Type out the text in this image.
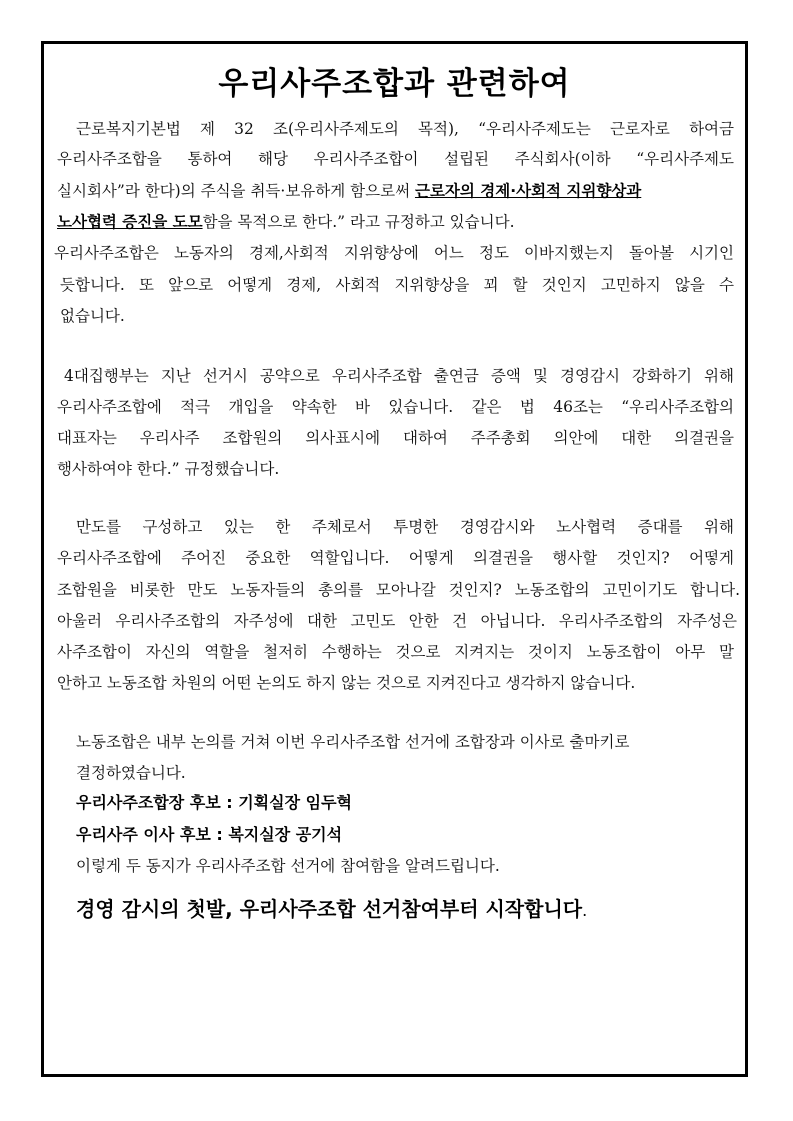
우리사주조합과 관련하여
근로복지기본법 제 32 조(우리사주제도의 목적), “우리사주제도는 근로자로 하여금
우리사주조합을 통하여 해당 우리사주조합이 설립된 주식회사(이하 “우리사주제도
실시회사”라 한다)의 주식을 취득·보유하게 함으로써 근로자의 경제·사회적 지위향상과
노사협력 증진을 도모함을 목적으로 한다.” 라고 규정하고 있습니다.
우리사주조합은 노동자의 경제,사회적 지위향상에 어느 정도 이바지했는지 돌아볼 시기인
듯합니다. 또 앞으로 어떻게 경제, 사회적 지위향상을 꾀 할 것인지 고민하지 않을 수
없습니다.
4대집행부는 지난 선거시 공약으로 우리사주조합 출연금 증액 및 경영감시 강화하기 위해
우리사주조합에 적극 개입을 약속한 바 있습니다. 같은 법 46조는 “우리사주조합의
대표자는 우리사주 조합원의 의사표시에 대하여 주주총회 의안에 대한 의결권을
행사하여야 한다.” 규정했습니다.
만도를 구성하고 있는 한 주체로서 투명한 경영감시와 노사협력 증대를 위해
우리사주조합에 주어진 중요한 역할입니다. 어떻게 의결권을 행사할 것인지? 어떻게
조합원을 비롯한 만도 노동자들의 총의를 모아나갈 것인지? 노동조합의 고민이기도 합니다.
아울러 우리사주조합의 자주성에 대한 고민도 안한 건 아닙니다. 우리사주조합의 자주성은
사주조합이 자신의 역할을 철저히 수행하는 것으로 지켜지는 것이지 노동조합이 아무 말
안하고 노동조합 차원의 어떤 논의도 하지 않는 것으로 지켜진다고 생각하지 않습니다.
노동조합은 내부 논의를 거쳐 이번 우리사주조합 선거에 조합장과 이사로 출마키로
결정하였습니다.
우리사주조합장 후보 : 기획실장 임두혁
우리사주 이사 후보 : 복지실장 공기석
이렇게 두 동지가 우리사주조합 선거에 참여함을 알려드립니다.
경영 감시의 첫발, 우리사주조합 선거참여부터 시작합니다.
